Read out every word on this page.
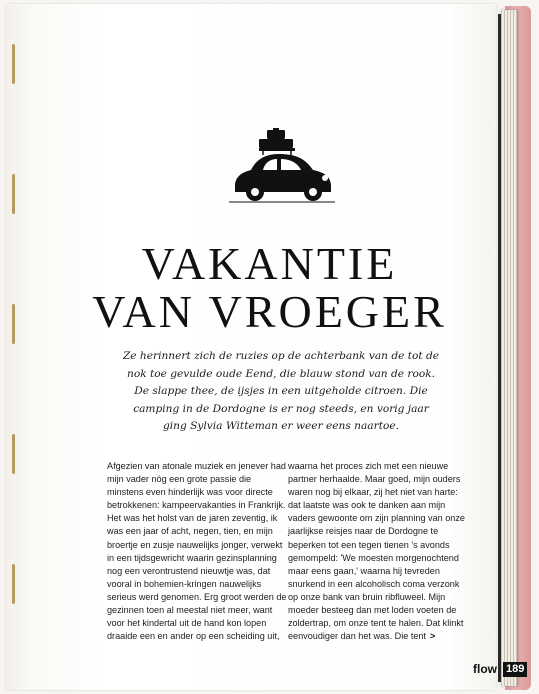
VAKANTIE
VAN VROEGER

Ze herinnert zich de ruzies op de achterbank van de tot de nok toe gevulde oude Eend, die blauw stond van de rook. De slappe thee, de ijsjes in een uitgeholde citroen. Die camping in de Dordogne is er nog steeds, en vorig jaar ging Sylvia Witteman er weer eens naartoe.

Afgezien van atonale muziek en jenever had mijn vader nóg een grote passie die minstens even hinderlijk was voor directe betrokkenen: kampeervakanties in Frankrijk. Het was het holst van de jaren zeventig, ik was een jaar of acht, negen, tien, en mijn broertje en zusje nauwelijks jonger, verwekt in een tijdsgewricht waarin gezinsplanning nog een verontrustend nieuwtje was, dat vooral in bohemien-kringen nauwelijks serieus werd genomen. Erg groot werden de gezinnen toen al meestal niet meer, want voor het kindertal uit de hand kon lopen draaide een en ander op een scheiding uit,

waarna het proces zich met een nieuwe partner herhaalde. Maar goed, mijn ouders waren nog bij elkaar, zij het niet van harte: dat laatste was ook te danken aan mijn vaders gewoonte om zijn planning van onze jaarlijkse reisjes naar de Dordogne te beperken tot een tegen tienen 's avonds gemompeld: 'We moesten morgenochtend maar eens gaan,' waarna hij tevreden snurkend in een alcoholisch coma verzonk op onze bank van bruin ribfluweel. Mijn moeder besteeg dan met loden voeten de zoldertrap, om onze tent te halen. Dat klinkt eenvoudiger dan het was. Die tent >

flow 189
